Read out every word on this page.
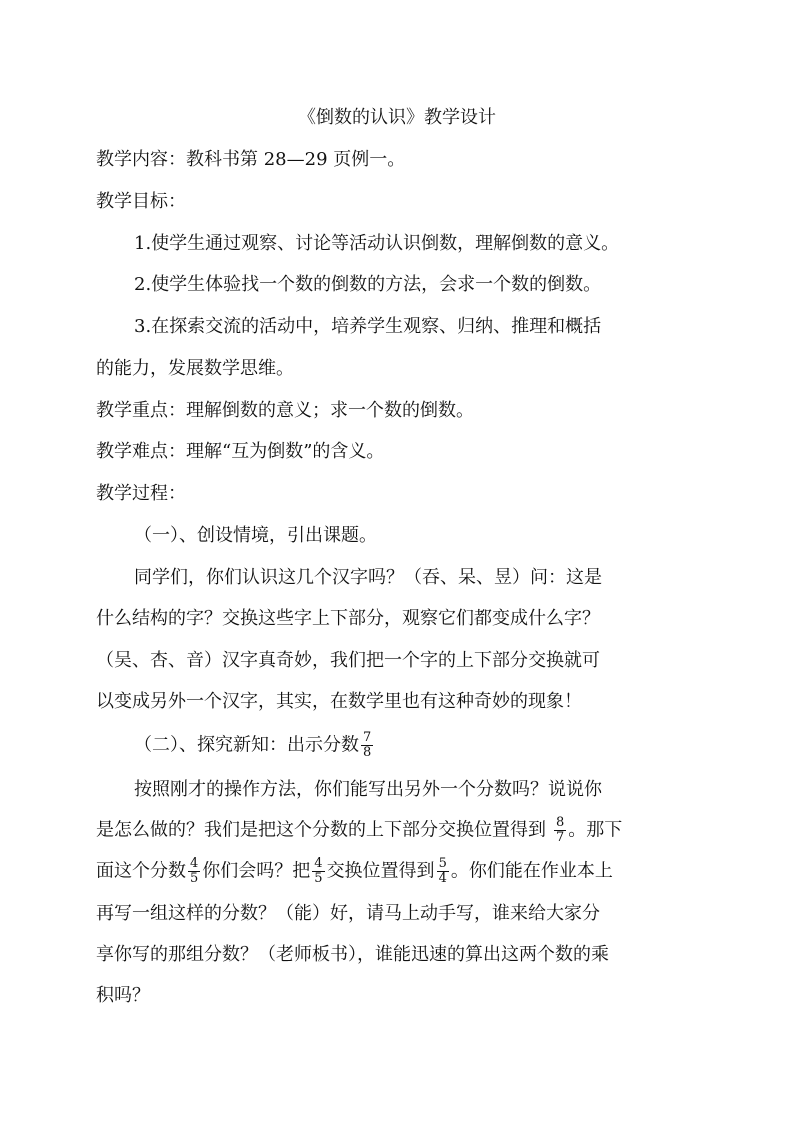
《倒数的认识》教学设计
教学内容：教科书第 28—29 页例一。
教学目标：
1.使学生通过观察、讨论等活动认识倒数，理解倒数的意义。
2.使学生体验找一个数的倒数的方法，会求一个数的倒数。
3.在探索交流的活动中，培养学生观察、归纳、推理和概括
的能力，发展数学思维。
教学重点：理解倒数的意义；求一个数的倒数。
教学难点：理解“互为倒数”的含义。
教学过程：
（一）、创设情境，引出课题。
同学们，你们认识这几个汉字吗？（吞、呆、昱）问：这是
什么结构的字？交换这些字上下部分，观察它们都变成什么字？
（吴、杏、音）汉字真奇妙，我们把一个字的上下部分交换就可
以变成另外一个汉字，其实，在数学里也有这种奇妙的现象！
（二）、探究新知：出示分数 $\frac{7}{8}$
按照刚才的操作方法，你们能写出另外一个分数吗？说说你
是怎么做的？我们是把这个分数的上下部分交换位置得到 $\frac{8}{7}$ 。那下
面这个分数 $\frac{4}{5}$ 你们会吗？把 $\frac{4}{5}$ 交换位置得到 $\frac{5}{4}$ 。你们能在作业本上
再写一组这样的分数？（能）好，请马上动手写，谁来给大家分
享你写的那组分数？（老师板书），谁能迅速的算出这两个数的乘
积吗？
